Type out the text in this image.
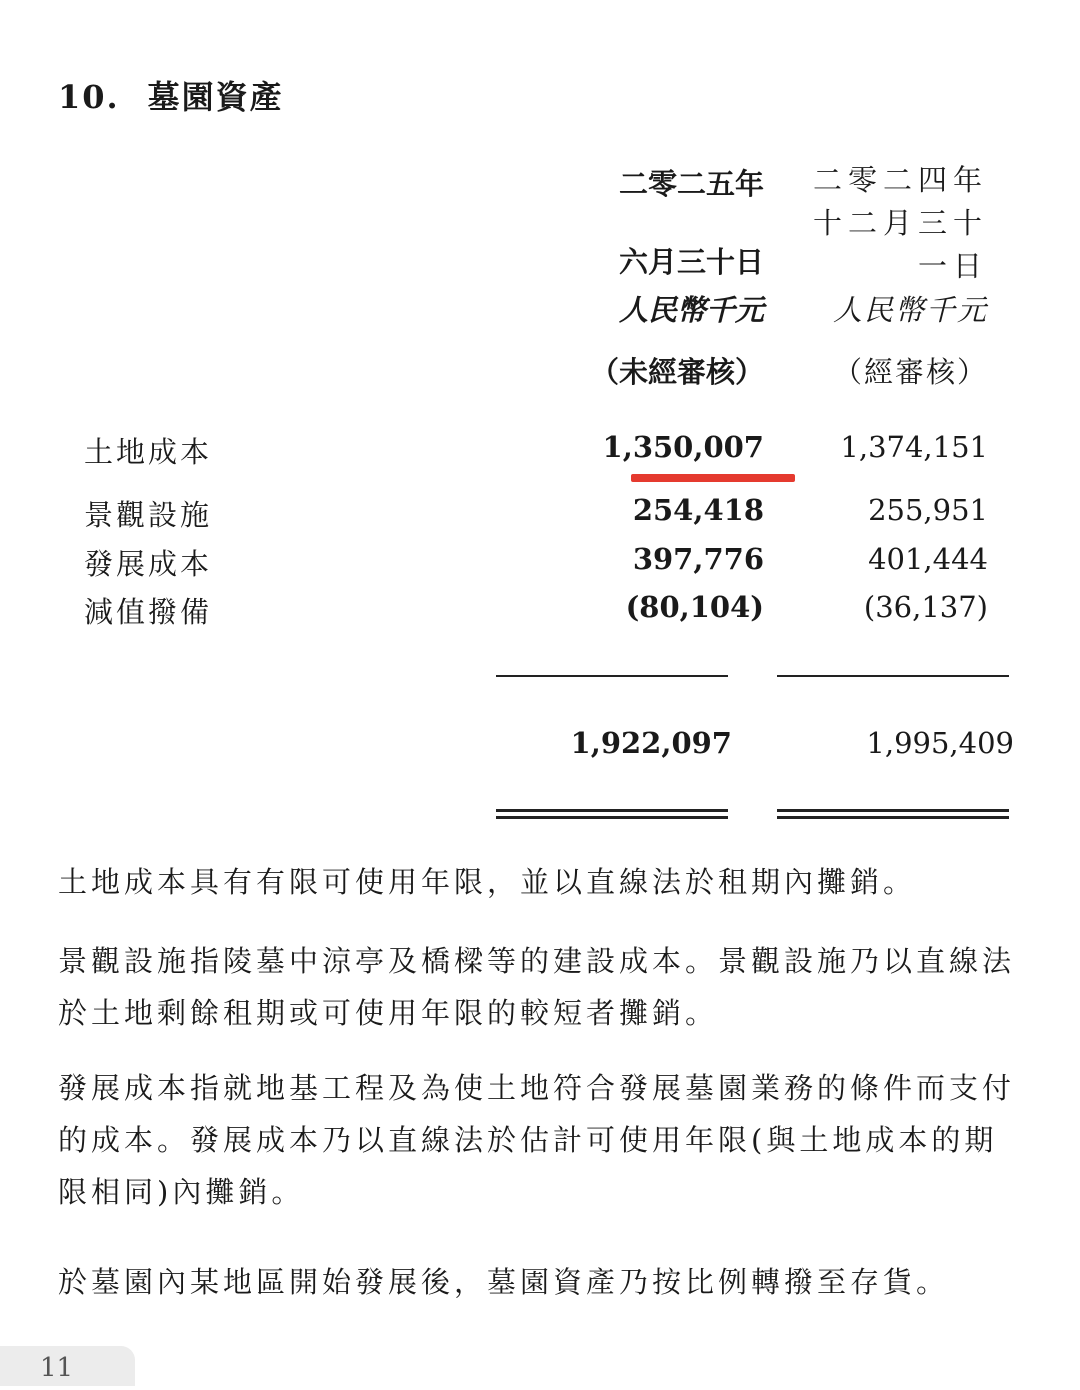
10. 墓園資產
二零二五年
六月三十日
人民幣千元
（未經審核）
二零二四年
十二月三十
一日
人民幣千元
（經審核）
土地成本	1,350,007	1,374,151
景觀設施	254,418	255,951
發展成本	397,776	401,444
減值撥備	(80,104)	(36,137)
1,922,097	1,995,409
土地成本具有有限可使用年限，並以直線法於租期內攤銷。
景觀設施指陵墓中涼亭及橋樑等的建設成本。景觀設施乃以直線法於土地剩餘租期或可使用年限的較短者攤銷。
發展成本指就地基工程及為使土地符合發展墓園業務的條件而支付的成本。發展成本乃以直線法於估計可使用年限(與土地成本的期限相同)內攤銷。
於墓園內某地區開始發展後，墓園資產乃按比例轉撥至存貨。
11
